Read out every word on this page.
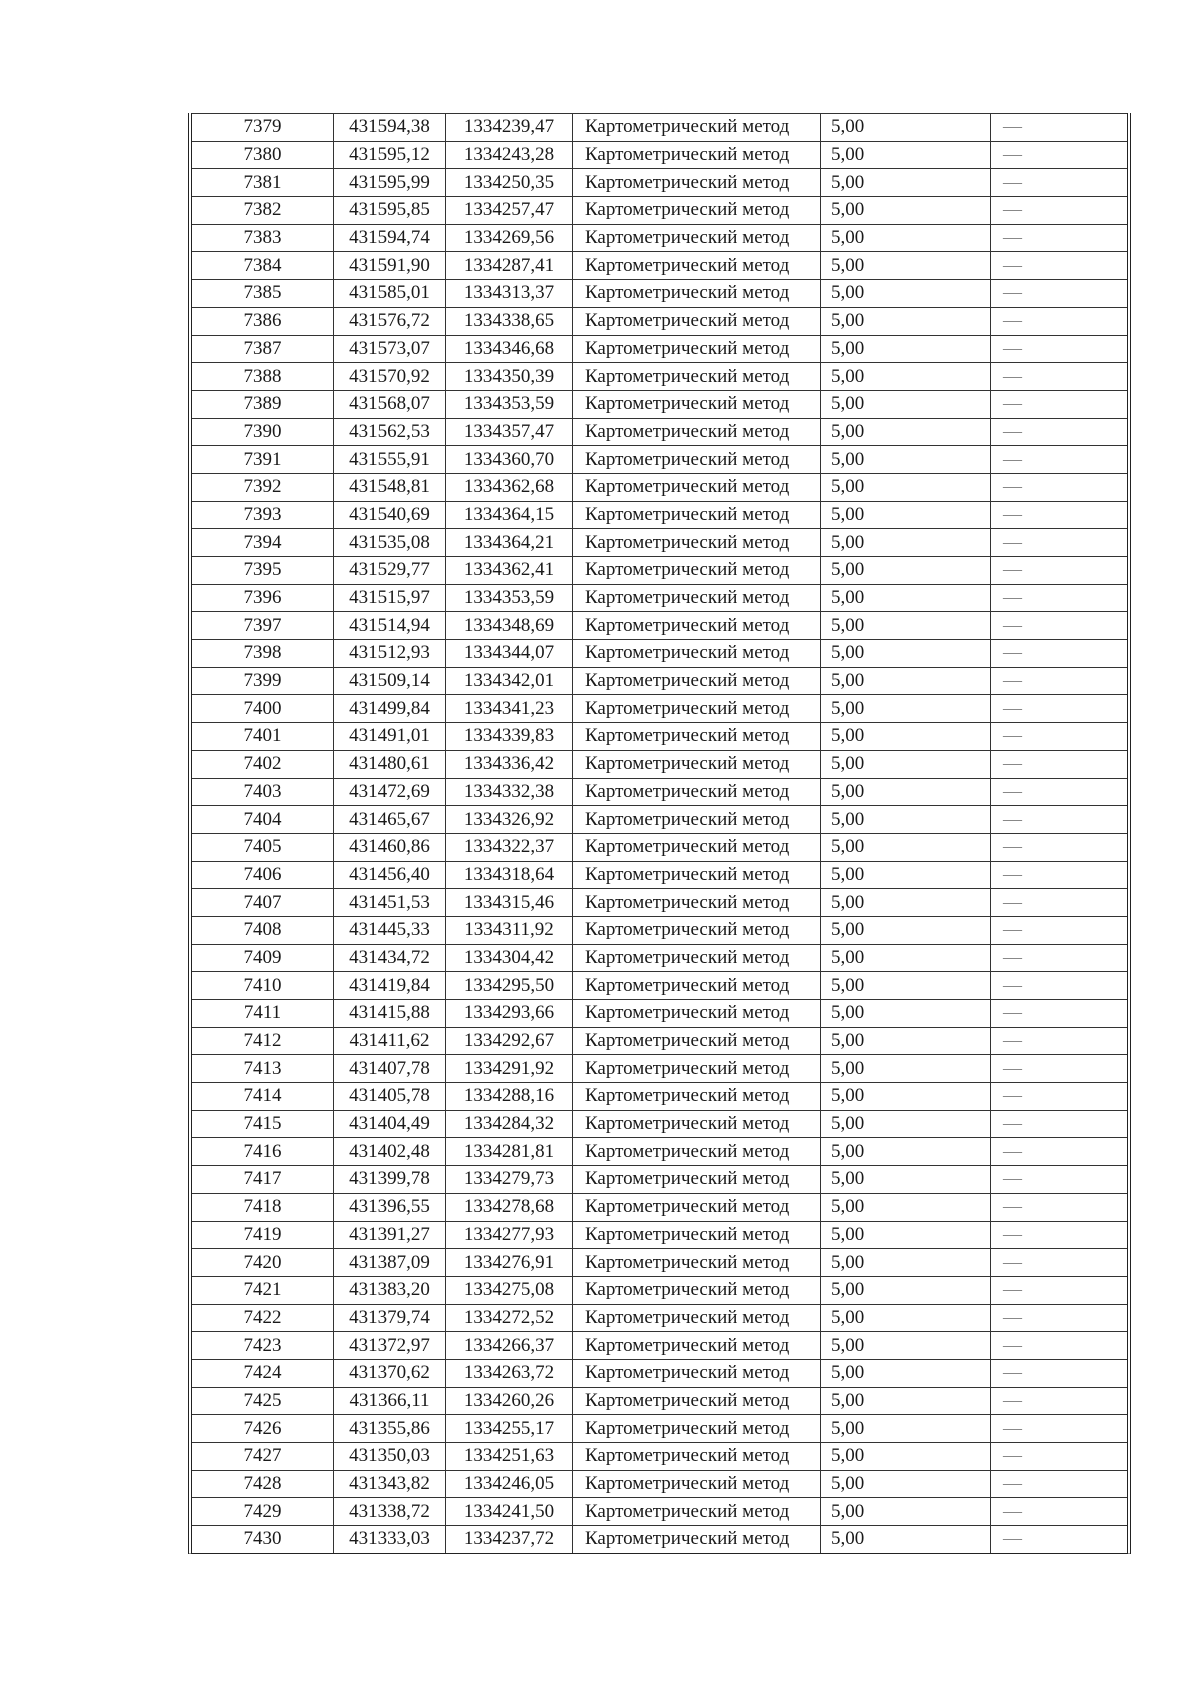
7379	431594,38	1334239,47	Картометрический метод	5,00	—
7380	431595,12	1334243,28	Картометрический метод	5,00	—
7381	431595,99	1334250,35	Картометрический метод	5,00	—
7382	431595,85	1334257,47	Картометрический метод	5,00	—
7383	431594,74	1334269,56	Картометрический метод	5,00	—
7384	431591,90	1334287,41	Картометрический метод	5,00	—
7385	431585,01	1334313,37	Картометрический метод	5,00	—
7386	431576,72	1334338,65	Картометрический метод	5,00	—
7387	431573,07	1334346,68	Картометрический метод	5,00	—
7388	431570,92	1334350,39	Картометрический метод	5,00	—
7389	431568,07	1334353,59	Картометрический метод	5,00	—
7390	431562,53	1334357,47	Картометрический метод	5,00	—
7391	431555,91	1334360,70	Картометрический метод	5,00	—
7392	431548,81	1334362,68	Картометрический метод	5,00	—
7393	431540,69	1334364,15	Картометрический метод	5,00	—
7394	431535,08	1334364,21	Картометрический метод	5,00	—
7395	431529,77	1334362,41	Картометрический метод	5,00	—
7396	431515,97	1334353,59	Картометрический метод	5,00	—
7397	431514,94	1334348,69	Картометрический метод	5,00	—
7398	431512,93	1334344,07	Картометрический метод	5,00	—
7399	431509,14	1334342,01	Картометрический метод	5,00	—
7400	431499,84	1334341,23	Картометрический метод	5,00	—
7401	431491,01	1334339,83	Картометрический метод	5,00	—
7402	431480,61	1334336,42	Картометрический метод	5,00	—
7403	431472,69	1334332,38	Картометрический метод	5,00	—
7404	431465,67	1334326,92	Картометрический метод	5,00	—
7405	431460,86	1334322,37	Картометрический метод	5,00	—
7406	431456,40	1334318,64	Картометрический метод	5,00	—
7407	431451,53	1334315,46	Картометрический метод	5,00	—
7408	431445,33	1334311,92	Картометрический метод	5,00	—
7409	431434,72	1334304,42	Картометрический метод	5,00	—
7410	431419,84	1334295,50	Картометрический метод	5,00	—
7411	431415,88	1334293,66	Картометрический метод	5,00	—
7412	431411,62	1334292,67	Картометрический метод	5,00	—
7413	431407,78	1334291,92	Картометрический метод	5,00	—
7414	431405,78	1334288,16	Картометрический метод	5,00	—
7415	431404,49	1334284,32	Картометрический метод	5,00	—
7416	431402,48	1334281,81	Картометрический метод	5,00	—
7417	431399,78	1334279,73	Картометрический метод	5,00	—
7418	431396,55	1334278,68	Картометрический метод	5,00	—
7419	431391,27	1334277,93	Картометрический метод	5,00	—
7420	431387,09	1334276,91	Картометрический метод	5,00	—
7421	431383,20	1334275,08	Картометрический метод	5,00	—
7422	431379,74	1334272,52	Картометрический метод	5,00	—
7423	431372,97	1334266,37	Картометрический метод	5,00	—
7424	431370,62	1334263,72	Картометрический метод	5,00	—
7425	431366,11	1334260,26	Картометрический метод	5,00	—
7426	431355,86	1334255,17	Картометрический метод	5,00	—
7427	431350,03	1334251,63	Картометрический метод	5,00	—
7428	431343,82	1334246,05	Картометрический метод	5,00	—
7429	431338,72	1334241,50	Картометрический метод	5,00	—
7430	431333,03	1334237,72	Картометрический метод	5,00	—
